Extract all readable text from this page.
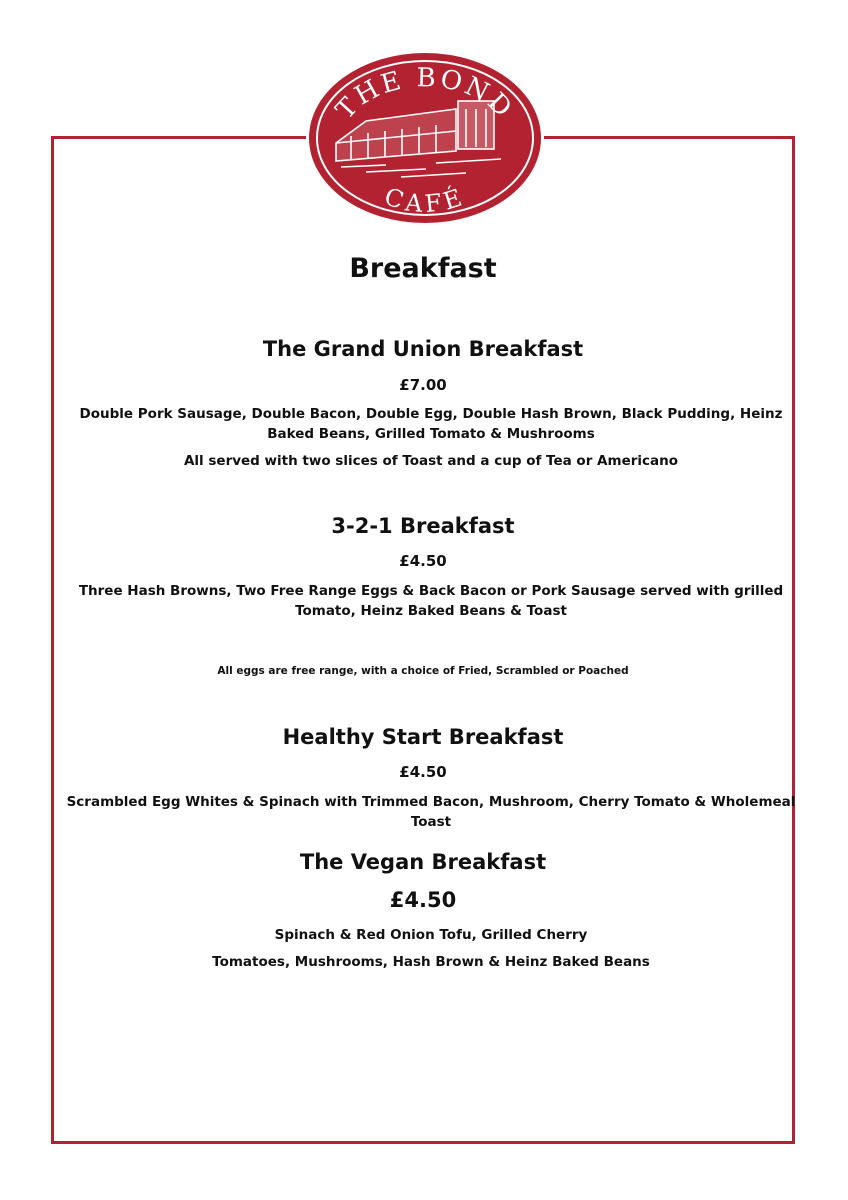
THE BOND
CAFÉ
Breakfast
The Grand Union Breakfast
£7.00
Double Pork Sausage, Double Bacon, Double Egg, Double Hash Brown, Black Pudding, Heinz Baked Beans, Grilled Tomato & Mushrooms
All served with two slices of Toast and a cup of Tea or Americano
3-2-1 Breakfast
£4.50
Three Hash Browns, Two Free Range Eggs & Back Bacon or Pork Sausage served with grilled Tomato, Heinz Baked Beans & Toast
All eggs are free range, with a choice of Fried, Scrambled or Poached
Healthy Start Breakfast
£4.50
Scrambled Egg Whites & Spinach with Trimmed Bacon, Mushroom, Cherry Tomato & Wholemeal Toast
The Vegan Breakfast
£4.50
Spinach & Red Onion Tofu, Grilled Cherry
Tomatoes, Mushrooms, Hash Brown & Heinz Baked Beans
